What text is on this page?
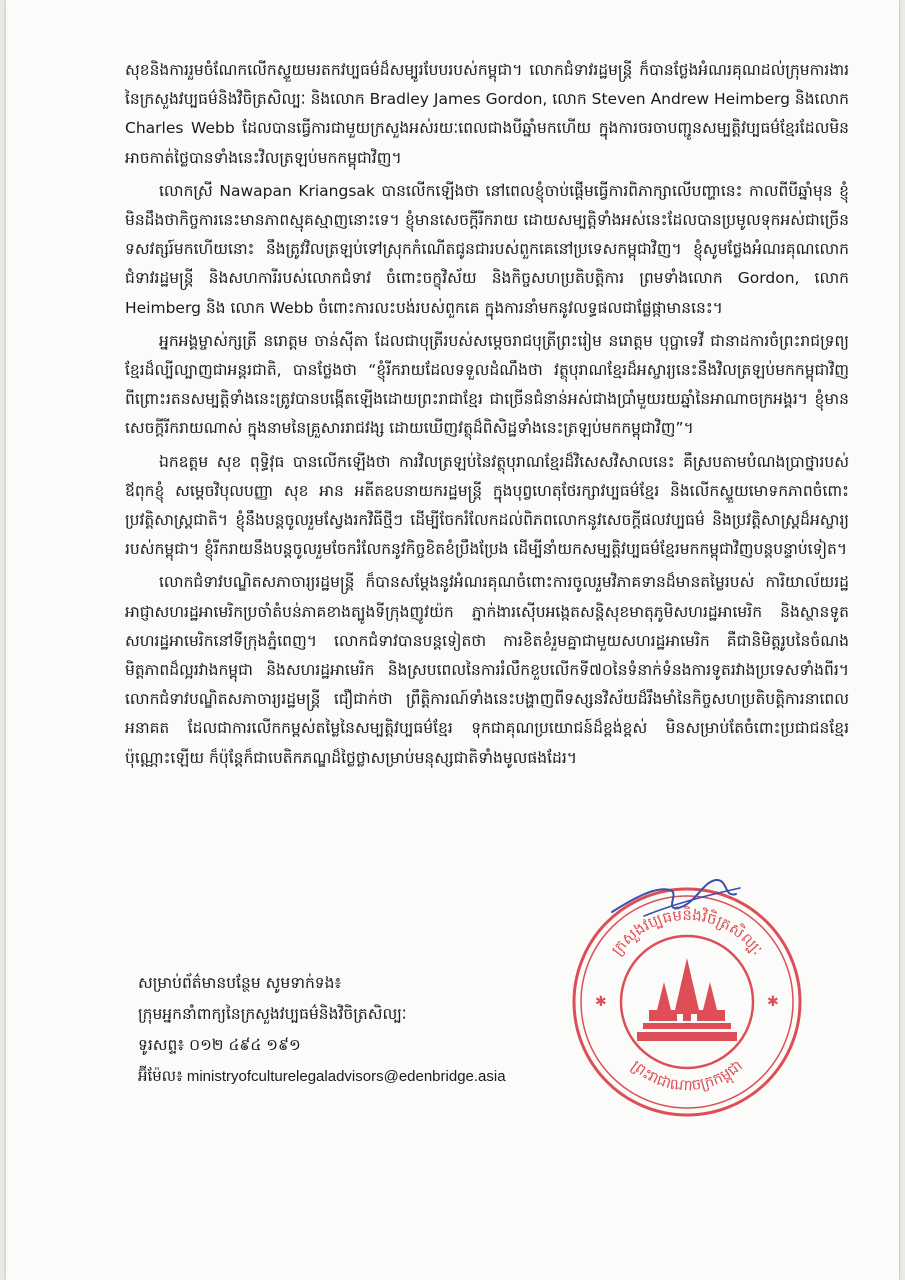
សុខនិងការរួមចំណែកលើកស្ទួយមរតកវប្បធម៌ដ៏សម្បូរបែបរបស់កម្ពុជា។ លោកជំទាវរដ្ឋមន្ត្រី ក៏បានថ្លែងអំណរគុណដល់ក្រុមការងារនៃក្រសួងវប្បធម៌និងវិចិត្រសិល្បៈ និងលោក Bradley James Gordon, លោក Steven Andrew Heimberg និងលោក Charles Webb ដែលបានធ្វើការជាមួយក្រសួងអស់រយៈពេលជាងបីឆ្នាំមកហើយ ក្នុងការចរចាបញ្ជូនសម្បត្តិវប្បធម៌ខ្មែរដែលមិនអាចកាត់ថ្លៃបានទាំងនេះវិលត្រឡប់មកកម្ពុជាវិញ។

លោកស្រី Nawapan Kriangsak បានលើកឡើងថា នៅពេលខ្ញុំចាប់ផ្តើមធ្វើការពិភាក្សាលើបញ្ហានេះ កាលពីបីឆ្នាំមុន ខ្ញុំមិនដឹងថាកិច្ចការនេះមានភាពស្មុគស្មាញនោះទេ។ ខ្ញុំមានសេចក្តីរីករាយ ដោយសម្បត្តិទាំងអស់នេះដែលបានប្រមូលទុកអស់ជាច្រើនទសវត្សរ៍មកហើយនោះ នឹងត្រូវវិលត្រឡប់ទៅស្រុកកំណើតជូនជារបស់ពួកគេនៅប្រទេសកម្ពុជាវិញ។ ខ្ញុំសូមថ្លែងអំណរគុណលោកជំទាវរដ្ឋមន្ត្រី និងសហការីរបស់លោកជំទាវ ចំពោះចក្ខុវិស័យ និងកិច្ចសហប្រតិបត្តិការ ព្រមទាំងលោក Gordon, លោក Heimberg និង លោក Webb ចំពោះការលះបង់របស់ពួកគេ ក្នុងការនាំមកនូវលទ្ធផលជាផ្លែផ្កាមាននេះ។

អ្នកអង្គម្ចាស់ក្សត្រី នរោត្តម ចាន់ស៊ីតា ដែលជាបុត្រីរបស់សម្តេចរាជបុត្រីព្រះរៀម នរោត្តម បុប្ផាទេវី ជានាដការចំព្រះរាជទ្រព្យខ្មែរដ៏ល្បីល្បាញជាអន្តរជាតិ, បានថ្លែងថា “ខ្ញុំរីករាយដែលទទួលដំណឹងថា វត្ថុបុរាណខ្មែរដ៏អស្ចារ្យនេះនឹងវិលត្រឡប់មកកម្ពុជាវិញ ពីព្រោះរតនសម្បត្តិទាំងនេះត្រូវបានបង្កើតឡើងដោយព្រះរាជាខ្មែរ ជាច្រើនជំនាន់អស់ជាងប្រាំមួយរយឆ្នាំនៃអាណាចក្រអង្គរ។ ខ្ញុំមានសេចក្តីរីករាយណាស់ ក្នុងនាមនៃគ្រួសាររាជវង្ស ដោយឃើញវត្ថុដ៏ពិសិដ្ឋទាំងនេះត្រឡប់មកកម្ពុជាវិញ”។

ឯកឧត្តម សុខ ពុទ្ធិវុធ បានលើកឡើងថា ការវិលត្រឡប់នៃវត្ថុបុរាណខ្មែរដ៏វិសេសវិសាលនេះ គឺស្របតាមបំណងប្រាថ្នារបស់ឪពុកខ្ញុំ សម្តេចវិបុលបញ្ញា សុខ អាន អតីតឧបនាយករដ្ឋមន្ត្រី ក្នុងបុព្វហេតុថែរក្សាវប្បធម៌ខ្មែរ និងលើកស្ទួយមោទកភាពចំពោះប្រវត្តិសាស្ត្រជាតិ។ ខ្ញុំនឹងបន្តចូលរួមស្វែងរកវិធីថ្មីៗ ដើម្បីចែករំលែកដល់ពិភពលោកនូវសេចក្តីផលវប្បធម៌ និងប្រវត្តិសាស្ត្រដ៏អស្ចារ្យរបស់កម្ពុជា។ ខ្ញុំរីករាយនឹងបន្តចូលរួមចែករំលែកនូវកិច្ចខិតខំប្រឹងប្រែង ដើម្បីនាំយកសម្បត្តិវប្បធម៌ខ្មែរមកកម្ពុជាវិញបន្តបន្ទាប់ទៀត។

លោកជំទាវបណ្ឌិតសភាចារ្យរដ្ឋមន្ត្រី ក៏បានសម្តែងនូវអំណរគុណចំពោះការចូលរួមវិភាគទានដ៏មានតម្លៃរបស់ ការិយាល័យរដ្ឋអាជ្ញាសហរដ្ឋអាមេរិកប្រចាំតំបន់ភាគខាងត្បូងទីក្រុងញូវយ៉ក ភ្នាក់ងារស៊ើបអង្កេតសន្តិសុខមាតុភូមិសហរដ្ឋអាមេរិក និងស្ថានទូតសហរដ្ឋអាមេរិកនៅទីក្រុងភ្នំពេញ។ លោកជំទាវបានបន្តទៀតថា ការខិតខំរួមគ្នាជាមួយសហរដ្ឋអាមេរិក គឺជានិមិត្តរូបនៃចំណងមិត្តភាពដ៏ល្អរវាងកម្ពុជា និងសហរដ្ឋអាមេរិក និងស្របពេលនៃការរំលឹកខួបលើកទី៧០នៃទំនាក់ទំនងការទូតរវាងប្រទេសទាំងពីរ។ លោកជំទាវបណ្ឌិតសភាចារ្យរដ្ឋមន្ត្រី ជឿជាក់ថា ព្រឹត្តិការណ៍ទាំងនេះបង្ហាញពីទស្សនវិស័យដ៏រឹងមាំនៃកិច្ចសហប្រតិបត្តិការនាពេលអនាគត ដែលជាការលើកកម្ពស់តម្លៃនៃសម្បត្តិវប្បធម៌ខ្មែរ ទុកជាគុណប្រយោជន៍ដ៏ខ្ពង់ខ្ពស់ មិនសម្រាប់តែចំពោះប្រជាជនខ្មែរប៉ុណ្ណោះឡើយ ក៏ប៉ុន្តែក៏ជាបេតិកភណ្ឌដ៏ថ្លៃថ្លាសម្រាប់មនុស្សជាតិទាំងមូលផងដែរ។

ក្រសួងវប្បធម៌និងវិចិត្រសិល្បៈ
ព្រះរាជាណាចក្រកម្ពុជា
✱	✱
សម្រាប់ព័ត៌មានបន្ថែម សូមទាក់ទង៖
ក្រុមអ្នកនាំពាក្យនៃក្រសួងវប្បធម៌និងវិចិត្រសិល្បៈ
ទូរសព្ទ៖ ០១២ ៤៩៤ ១៩១
អ៊ីម៉ែល៖ ministryofculturelegaladvisors@edenbridge.asia
